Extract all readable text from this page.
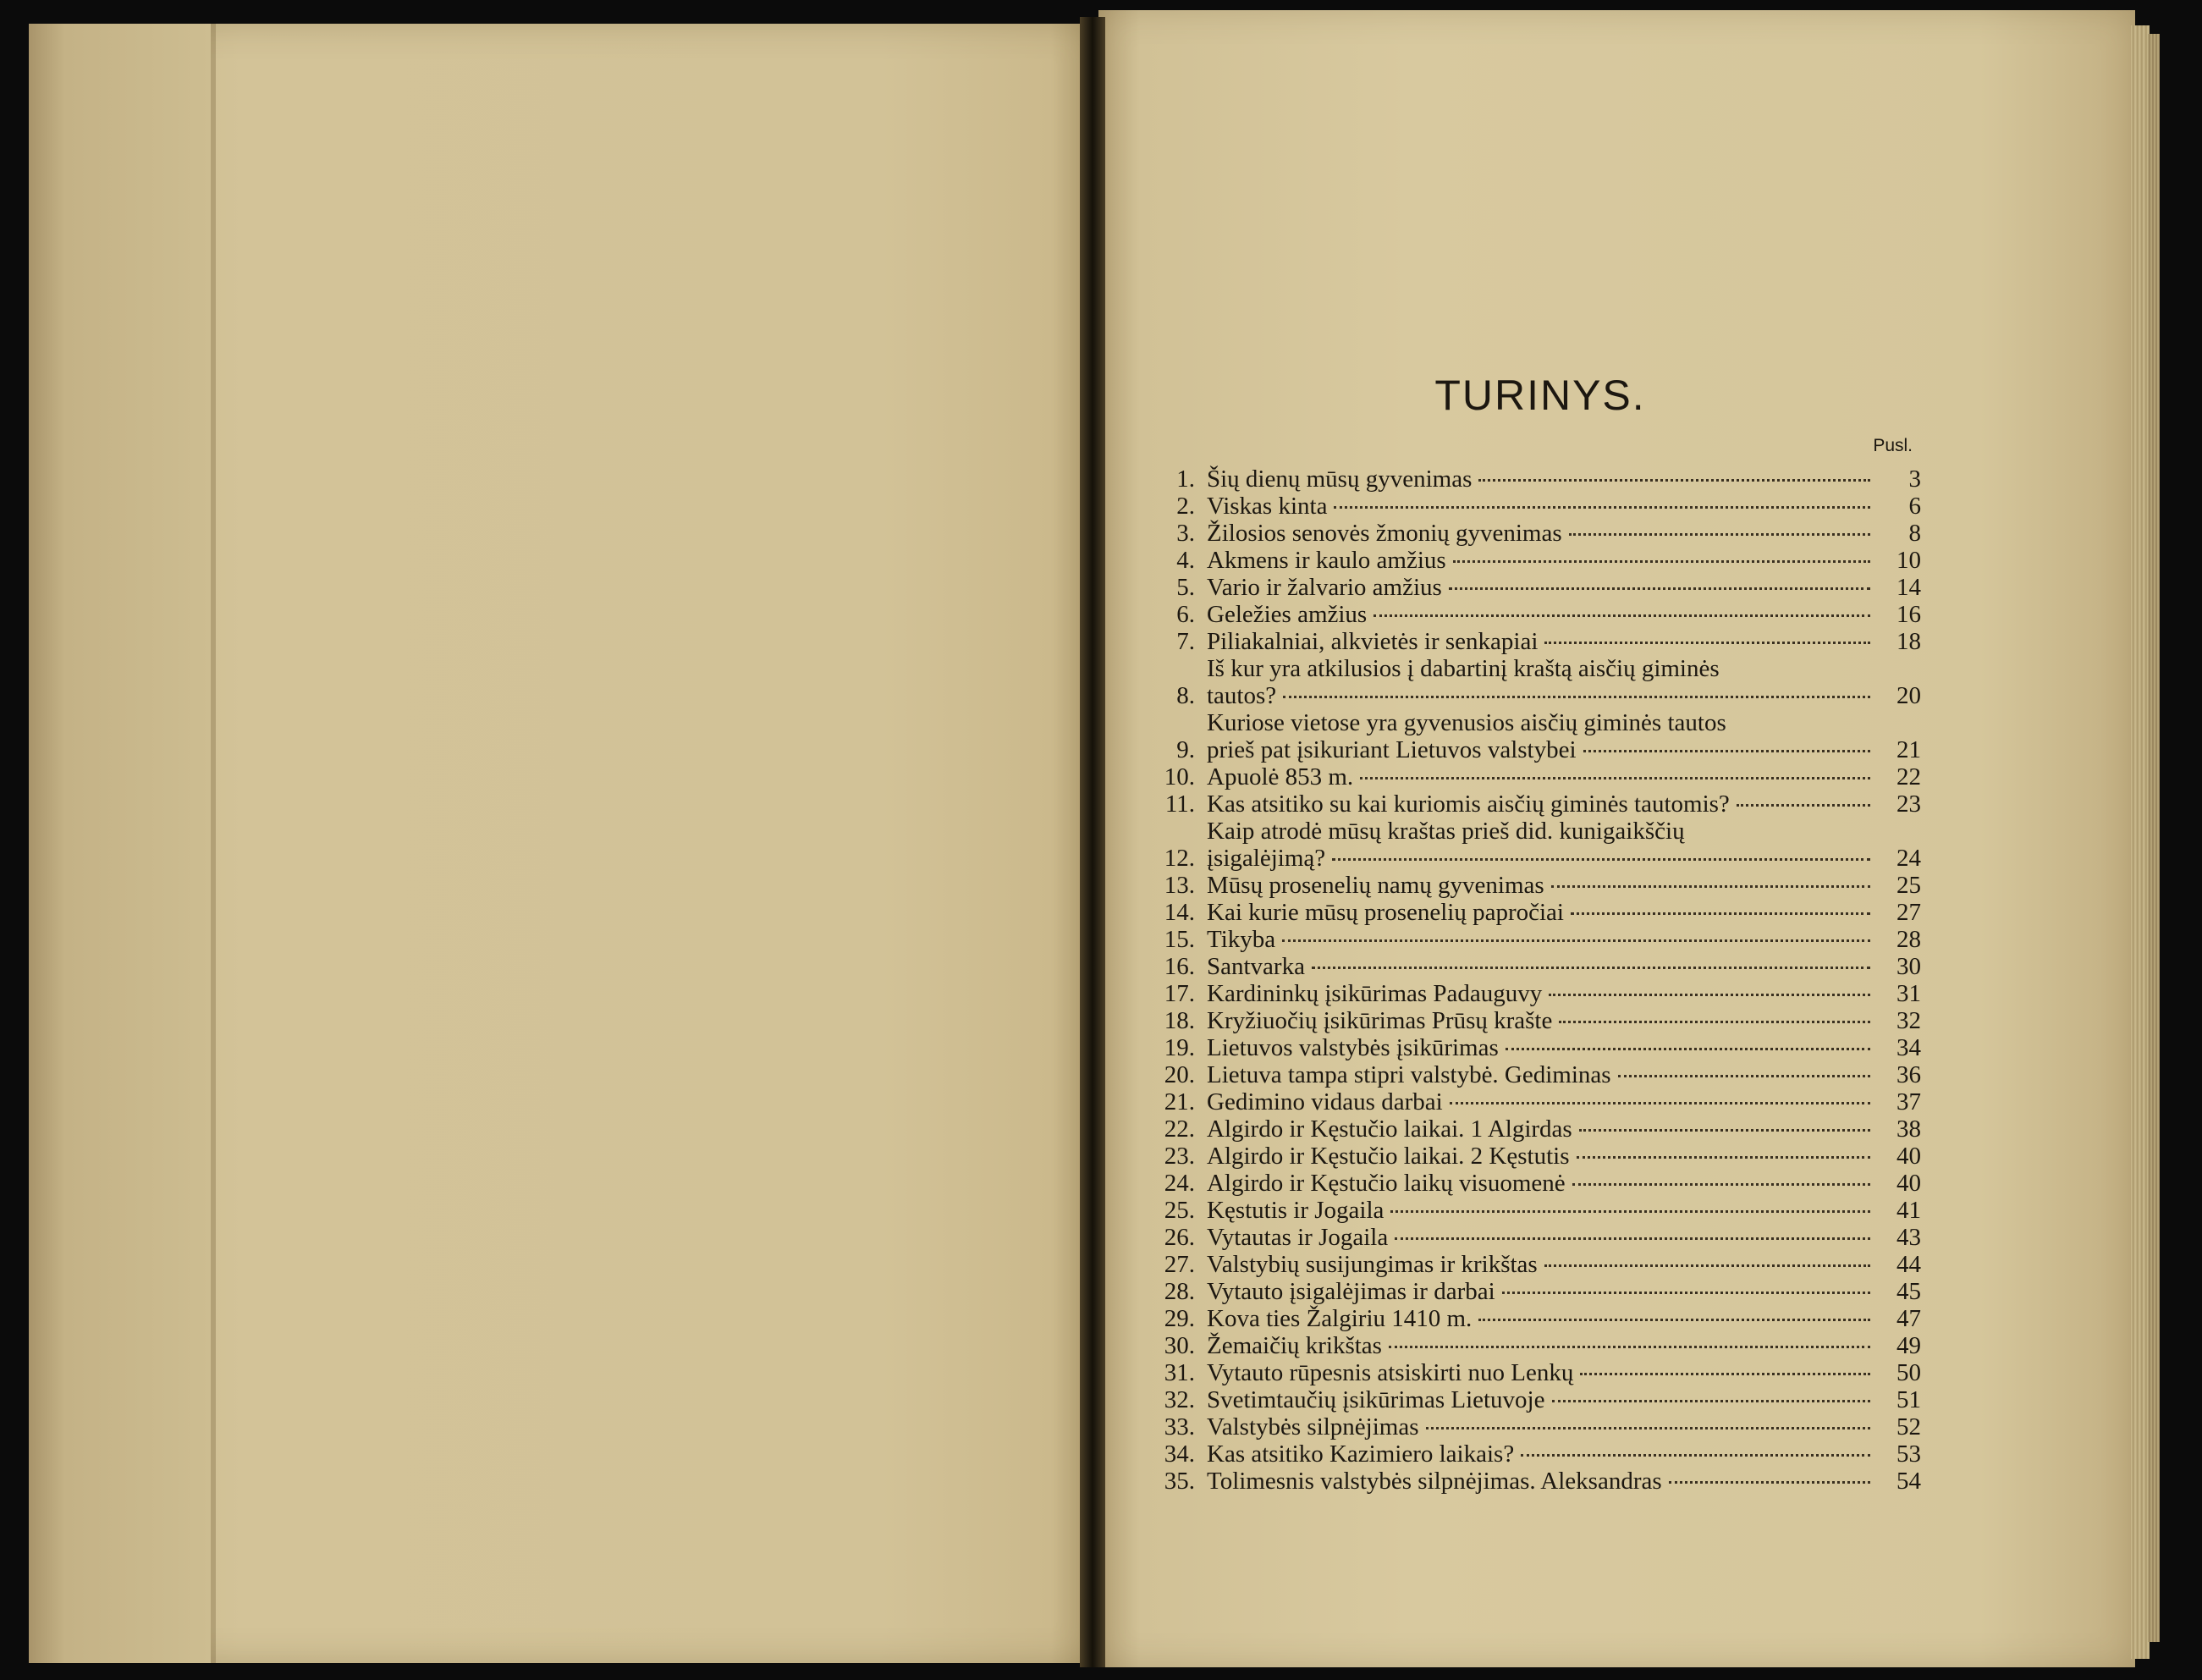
TURINYS.
Pusl.
1. Šių dienų mūsų gyvenimas	3
2. Viskas kinta	6
3. Žilosios senovės žmonių gyvenimas	8
4. Akmens ir kaulo amžius	10
5. Vario ir žalvario amžius	14
6. Geležies amžius	16
7. Piliakalniai, alkvietės ir senkapiai	18
8.
Iš kur yra atkilusios į dabartinį kraštą aisčių giminės
tautos?	20
9.
Kuriose vietose yra gyvenusios aisčių giminės tautos
prieš pat įsikuriant Lietuvos valstybei	21
10. Apuolė 853 m.	22
11. Kas atsitiko su kai kuriomis aisčių giminės tautomis?	23
12.
Kaip atrodė mūsų kraštas prieš did. kunigaikščių
įsigalėjimą?	24
13. Mūsų prosenelių namų gyvenimas	25
14. Kai kurie mūsų prosenelių papročiai	27
15. Tikyba	28
16. Santvarka	30
17. Kardininkų įsikūrimas Padauguvy	31
18. Kryžiuočių įsikūrimas Prūsų krašte	32
19. Lietuvos valstybės įsikūrimas	34
20. Lietuva tampa stipri valstybė. Gediminas	36
21. Gedimino vidaus darbai	37
22. Algirdo ir Kęstučio laikai. 1 Algirdas	38
23. Algirdo ir Kęstučio laikai. 2 Kęstutis	40
24. Algirdo ir Kęstučio laikų visuomenė	40
25. Kęstutis ir Jogaila	41
26. Vytautas ir Jogaila	43
27. Valstybių susijungimas ir krikštas	44
28. Vytauto įsigalėjimas ir darbai	45
29. Kova ties Žalgiriu 1410 m.	47
30. Žemaičių krikštas	49
31. Vytauto rūpesnis atsiskirti nuo Lenkų	50
32. Svetimtaučių įsikūrimas Lietuvoje	51
33. Valstybės silpnėjimas	52
34. Kas atsitiko Kazimiero laikais?	53
35. Tolimesnis valstybės silpnėjimas. Aleksandras	54
